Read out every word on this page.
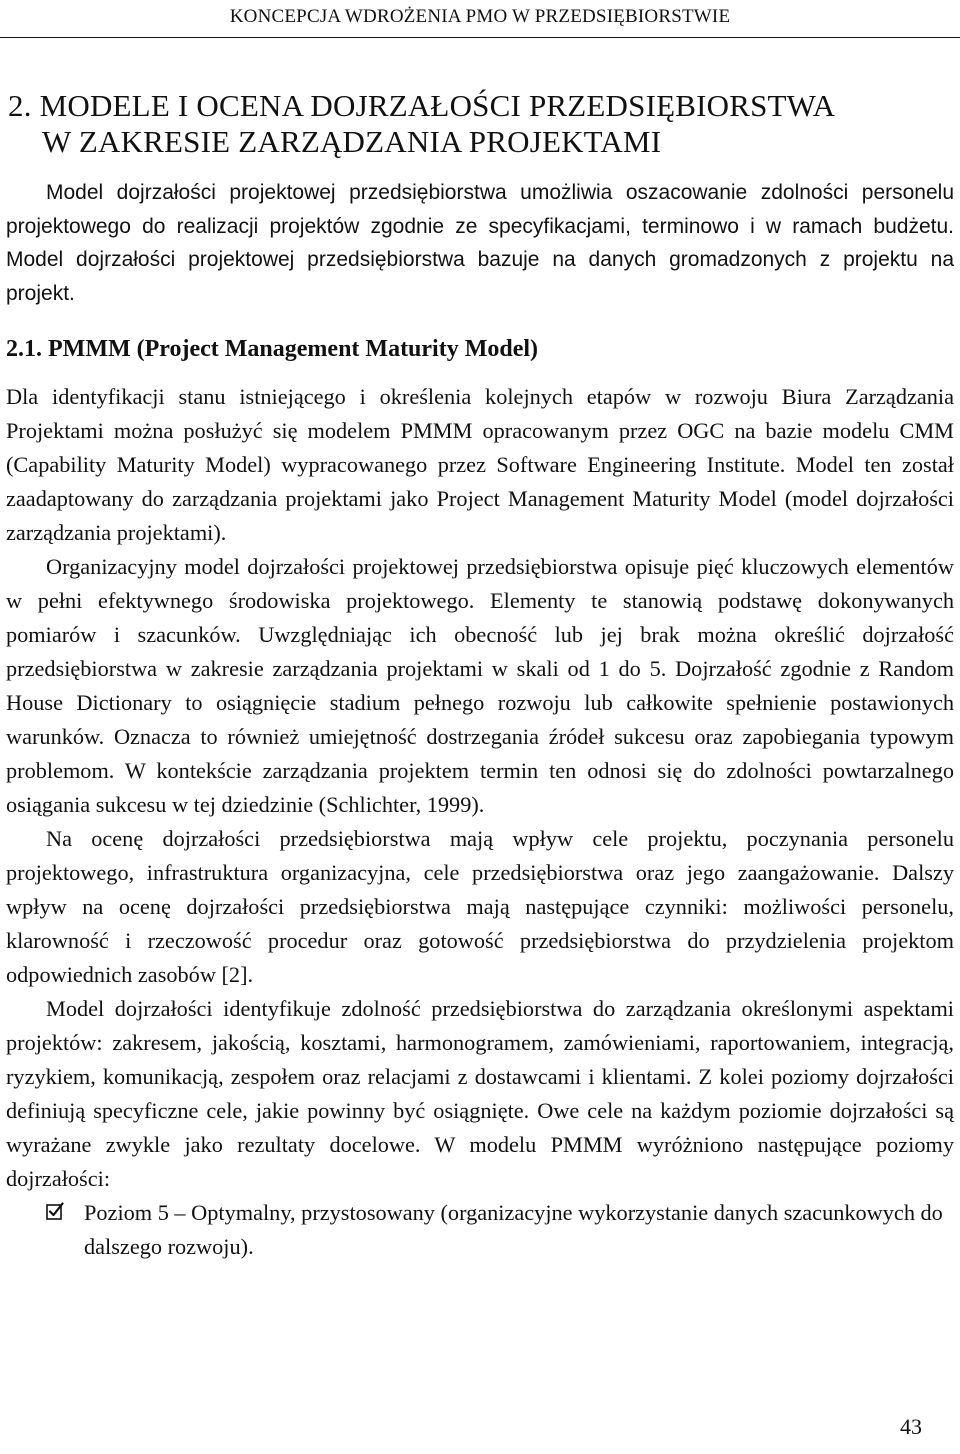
KONCEPCJA WDROŻENIA PMO W PRZEDSIĘBIORSTWIE
2. MODELE I OCENA DOJRZAŁOŚCI PRZEDSIĘBIORSTWA
W ZAKRESIE ZARZĄDZANIA PROJEKTAMI

Model dojrzałości projektowej przedsiębiorstwa umożliwia oszacowanie zdolności personelu projektowego do realizacji projektów zgodnie ze specyfikacjami, terminowo i w ramach budżetu. Model dojrzałości projektowej przedsiębiorstwa bazuje na danych gromadzonych z projektu na projekt.

2.1. PMMM (Project Management Maturity Model)

Dla identyfikacji stanu istniejącego i określenia kolejnych etapów w rozwoju Biura Zarządzania Projektami można posłużyć się modelem PMMM opracowanym przez OGC na bazie modelu CMM (Capability Maturity Model) wypracowanego przez Software Engineering Institute. Model ten został zaadaptowany do zarządzania projektami jako Project Management Maturity Model (model dojrzałości zarządzania projektami).

Organizacyjny model dojrzałości projektowej przedsiębiorstwa opisuje pięć kluczowych elementów w pełni efektywnego środowiska projektowego. Elementy te stanowią podstawę dokonywanych pomiarów i szacunków. Uwzględniając ich obecność lub jej brak można określić dojrzałość przedsiębiorstwa w zakresie zarządzania projektami w skali od 1 do 5. Dojrzałość zgodnie z Random House Dictionary to osiągnięcie stadium pełnego rozwoju lub całkowite spełnienie postawionych warunków. Oznacza to również umiejętność dostrzegania źródeł sukcesu oraz zapobiegania typowym problemom. W kontekście zarządzania projektem termin ten odnosi się do zdolności powtarzalnego osiągania sukcesu w tej dziedzinie (Schlichter, 1999).

Na ocenę dojrzałości przedsiębiorstwa mają wpływ cele projektu, poczynania personelu projektowego, infrastruktura organizacyjna, cele przedsiębiorstwa oraz jego zaangażowanie. Dalszy wpływ na ocenę dojrzałości przedsiębiorstwa mają następujące czynniki: możliwości personelu, klarowność i rzeczowość procedur oraz gotowość przedsiębiorstwa do przydzielenia projektom odpowiednich zasobów [2].

Model dojrzałości identyfikuje zdolność przedsiębiorstwa do zarządzania określonymi aspektami projektów: zakresem, jakością, kosztami, harmonogramem, zamówieniami, raportowaniem, integracją, ryzykiem, komunikacją, zespołem oraz relacjami z dostawcami i klientami. Z kolei poziomy dojrzałości definiują specyficzne cele, jakie powinny być osiągnięte. Owe cele na każdym poziomie dojrzałości są wyrażane zwykle jako rezultaty docelowe. W modelu PMMM wyróżniono następujące poziomy dojrzałości:

Poziom 5 – Optymalny, przystosowany (organizacyjne wykorzystanie danych szacunkowych do dalszego rozwoju).
43
